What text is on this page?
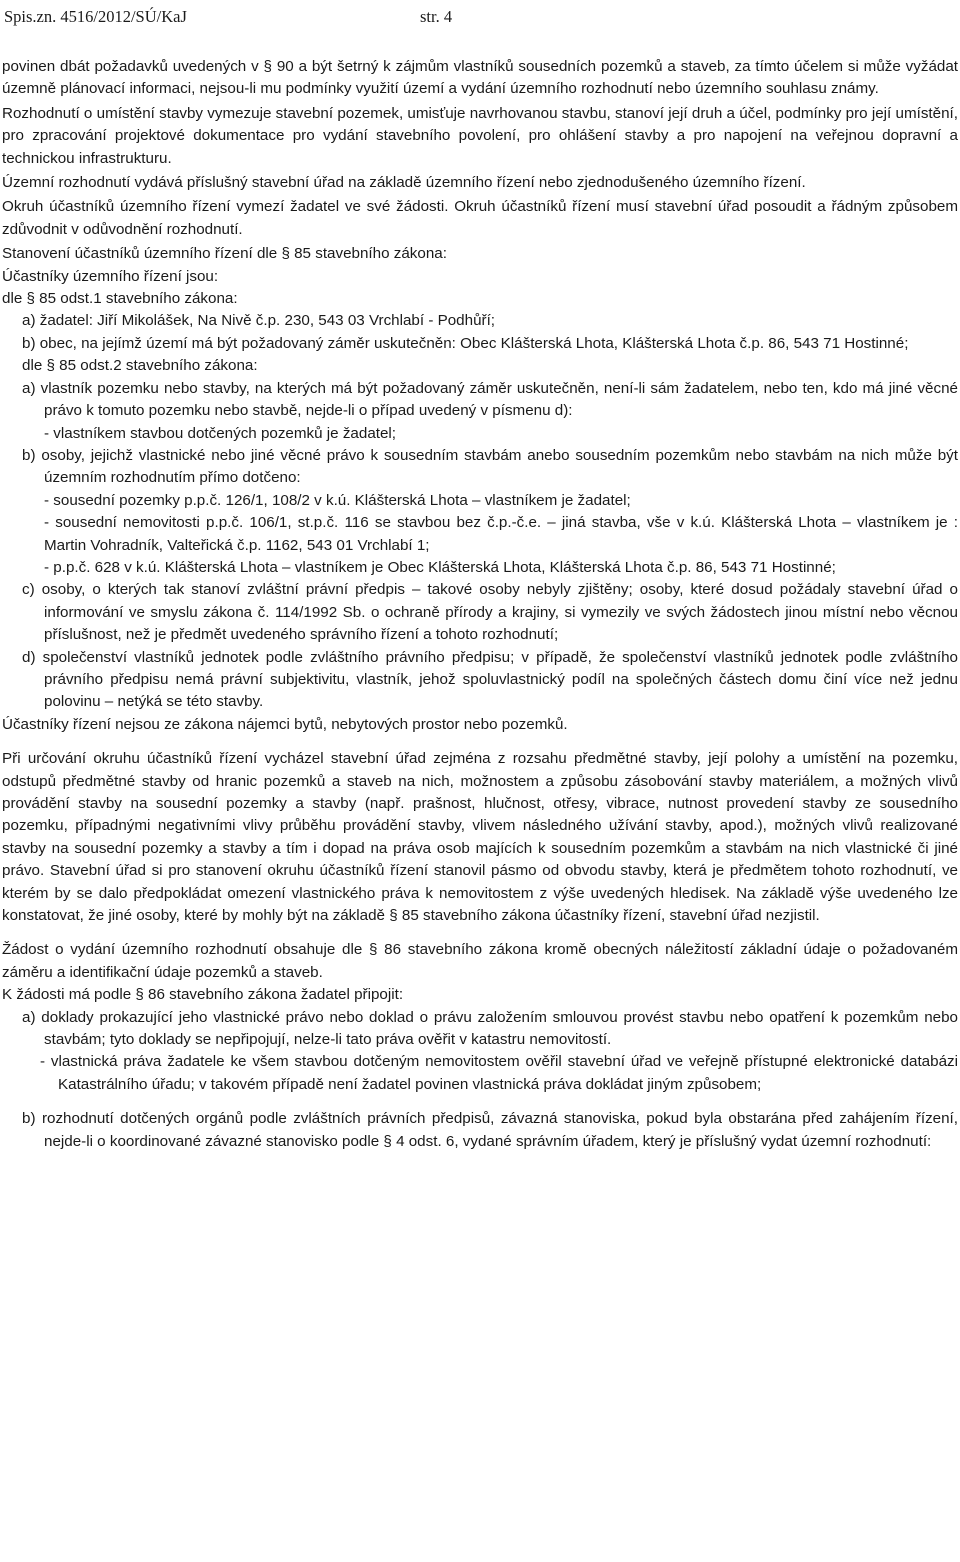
Spis.zn. 4516/2012/SÚ/KaJ	str. 4

povinen dbát požadavků uvedených v § 90 a být šetrný k zájmům vlastníků sousedních pozemků a staveb, za tímto účelem si může vyžádat územně plánovací informaci, nejsou-li mu podmínky využití území a vydání územního rozhodnutí nebo územního souhlasu známy.

Rozhodnutí o umístění stavby vymezuje stavební pozemek, umisťuje navrhovanou stavbu, stanoví její druh a účel, podmínky pro její umístění, pro zpracování projektové dokumentace pro vydání stavebního povolení, pro ohlášení stavby a pro napojení na veřejnou dopravní a technickou infrastrukturu.

Územní rozhodnutí vydává příslušný stavební úřad na základě územního řízení nebo zjednodušeného územního řízení.

Okruh účastníků územního řízení vymezí žadatel ve své žádosti. Okruh účastníků řízení musí stavební úřad posoudit a řádným způsobem zdůvodnit v odůvodnění rozhodnutí.

Stanovení účastníků územního řízení dle § 85 stavebního zákona:

Účastníky územního řízení jsou:

dle § 85 odst.1 stavebního zákona:

a) žadatel: Jiří Mikolášek, Na Nivě č.p. 230, 543 03 Vrchlabí - Podhůří;

b) obec, na jejímž území má být požadovaný záměr uskutečněn: Obec Klášterská Lhota, Klášterská Lhota č.p. 86, 543 71 Hostinné;

dle § 85 odst.2 stavebního zákona:

a) vlastník pozemku nebo stavby, na kterých má být požadovaný záměr uskutečněn, není-li sám žadatelem, nebo ten, kdo má jiné věcné právo k tomuto pozemku nebo stavbě, nejde-li o případ uvedený v písmenu d):

- vlastníkem stavbou dotčených pozemků je žadatel;

b) osoby, jejichž vlastnické nebo jiné věcné právo k sousedním stavbám anebo sousedním pozemkům nebo stavbám na nich může být územním rozhodnutím přímo dotčeno:

- sousední pozemky p.p.č. 126/1, 108/2 v k.ú. Klášterská Lhota – vlastníkem je žadatel;

- sousední nemovitosti p.p.č. 106/1, st.p.č. 116 se stavbou bez č.p.-č.e. – jiná stavba, vše v k.ú. Klášterská Lhota – vlastníkem je : Martin Vohradník, Valteřická č.p. 1162, 543 01 Vrchlabí 1;

- p.p.č. 628 v k.ú. Klášterská Lhota – vlastníkem je Obec Klášterská Lhota, Klášterská Lhota č.p. 86, 543 71 Hostinné;

c) osoby, o kterých tak stanoví zvláštní právní předpis – takové osoby nebyly zjištěny; osoby, které dosud požádaly stavební úřad o informování ve smyslu zákona č. 114/1992 Sb. o ochraně přírody a krajiny, si vymezily ve svých žádostech jinou místní nebo věcnou příslušnost, než je předmět uvedeného správního řízení a tohoto rozhodnutí;

d) společenství vlastníků jednotek podle zvláštního právního předpisu; v případě, že společenství vlastníků jednotek podle zvláštního právního předpisu nemá právní subjektivitu, vlastník, jehož spoluvlastnický podíl na společných částech domu činí více než jednu polovinu – netýká se této stavby.

Účastníky řízení nejsou ze zákona nájemci bytů, nebytových prostor nebo pozemků.

Při určování okruhu účastníků řízení vycházel stavební úřad zejména z rozsahu předmětné stavby, její polohy a umístění na pozemku, odstupů předmětné stavby od hranic pozemků a staveb na nich, možnostem a způsobu zásobování stavby materiálem, a možných vlivů provádění stavby na sousední pozemky a stavby (např. prašnost, hlučnost, otřesy, vibrace, nutnost provedení stavby ze sousedního pozemku, případnými negativními vlivy průběhu provádění stavby, vlivem následného užívání stavby, apod.), možných vlivů realizované stavby na sousední pozemky a stavby a tím i dopad na práva osob majících k sousedním pozemkům a stavbám na nich vlastnické či jiné právo. Stavební úřad si pro stanovení okruhu účastníků řízení stanovil pásmo od obvodu stavby, která je předmětem tohoto rozhodnutí, ve kterém by se dalo předpokládat omezení vlastnického práva k nemovitostem z výše uvedených hledisek. Na základě výše uvedeného lze konstatovat, že jiné osoby, které by mohly být na základě § 85 stavebního zákona účastníky řízení, stavební úřad nezjistil.

Žádost o vydání územního rozhodnutí obsahuje dle § 86 stavebního zákona kromě obecných náležitostí základní údaje o požadovaném záměru a identifikační údaje pozemků a staveb.

K žádosti má podle § 86 stavebního zákona žadatel připojit:

a) doklady prokazující jeho vlastnické právo nebo doklad o právu založením smlouvou provést stavbu nebo opatření k pozemkům nebo stavbám; tyto doklady se nepřipojují, nelze-li tato práva ověřit v katastru nemovitostí.

- vlastnická práva žadatele ke všem stavbou dotčeným nemovitostem ověřil stavební úřad ve veřejně přístupné elektronické databázi Katastrálního úřadu; v takovém případě není žadatel povinen vlastnická práva dokládat jiným způsobem;

b) rozhodnutí dotčených orgánů podle zvláštních právních předpisů, závazná stanoviska, pokud byla obstarána před zahájením řízení, nejde-li o koordinované závazné stanovisko podle § 4 odst. 6, vydané správním úřadem, který je příslušný vydat územní rozhodnutí:
